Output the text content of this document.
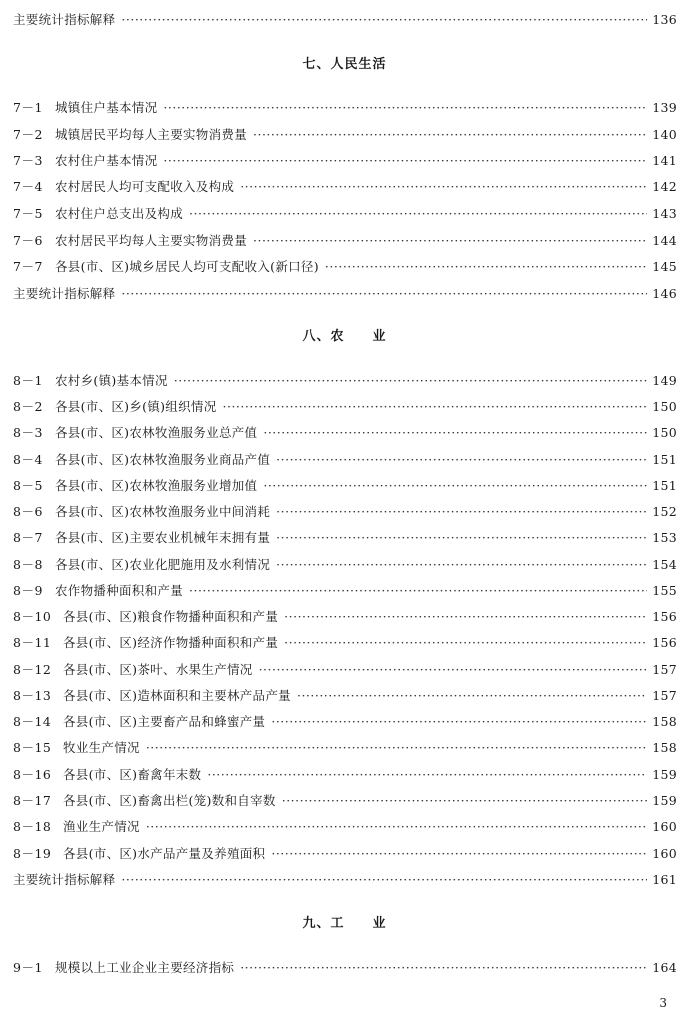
主要统计指标解释 ·····	136
七、人民生活
7－1 城镇住户基本情况 ·····	139
7－2 城镇居民平均每人主要实物消费量 ·····	140
7－3 农村住户基本情况 ·····	141
7－4 农村居民人均可支配收入及构成 ·····	142
7－5 农村住户总支出及构成 ·····	143
7－6 农村居民平均每人主要实物消费量 ·····	144
7－7 各县(市、区)城乡居民人均可支配收入(新口径) ·····	145
主要统计指标解释 ·····	146
八、农　　业
8－1 农村乡(镇)基本情况 ·····	149
8－2 各县(市、区)乡(镇)组织情况 ·····	150
8－3 各县(市、区)农林牧渔服务业总产值 ·····	150
8－4 各县(市、区)农林牧渔服务业商品产值 ·····	151
8－5 各县(市、区)农林牧渔服务业增加值 ·····	151
8－6 各县(市、区)农林牧渔服务业中间消耗 ·····	152
8－7 各县(市、区)主要农业机械年末拥有量 ·····	153
8－8 各县(市、区)农业化肥施用及水利情况 ·····	154
8－9 农作物播种面积和产量 ·····	155
8－10 各县(市、区)粮食作物播种面积和产量 ·····	156
8－11 各县(市、区)经济作物播种面积和产量 ·····	156
8－12 各县(市、区)茶叶、水果生产情况 ·····	157
8－13 各县(市、区)造林面积和主要林产品产量 ·····	157
8－14 各县(市、区)主要畜产品和蜂蜜产量 ·····	158
8－15 牧业生产情况 ·····	158
8－16 各县(市、区)畜禽年末数 ·····	159
8－17 各县(市、区)畜禽出栏(笼)数和自宰数 ·····	159
8－18 渔业生产情况 ·····	160
8－19 各县(市、区)水产品产量及养殖面积 ·····	160
主要统计指标解释 ·····	161
九、工　　业
9－1 规模以上工业企业主要经济指标 ·····	164
3
